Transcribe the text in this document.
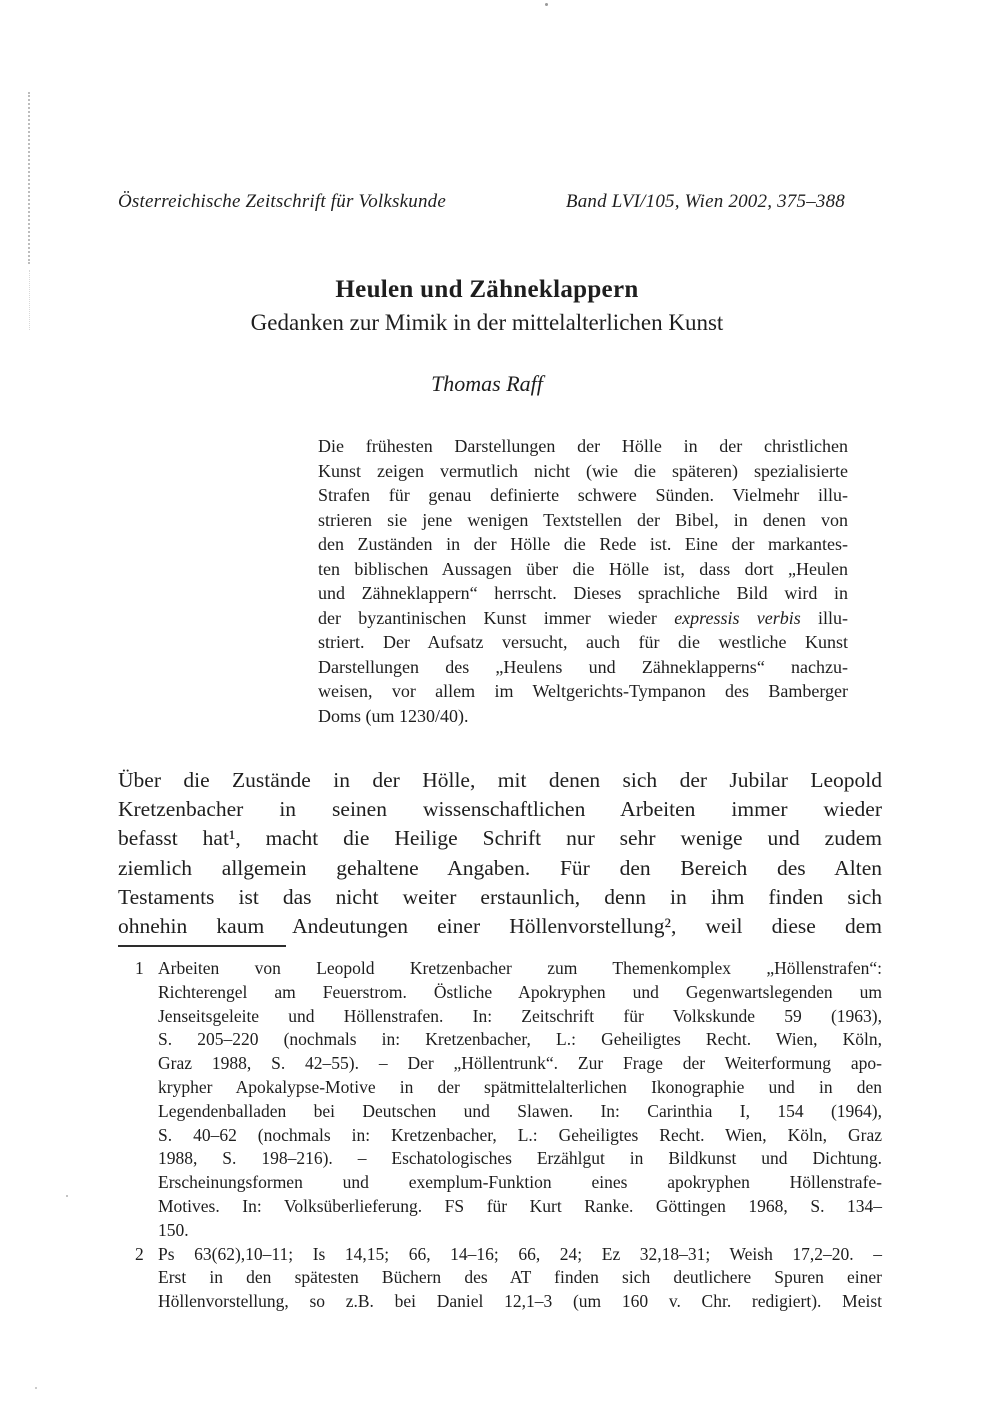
Österreichische Zeitschrift für Volkskunde	Band LVI/105, Wien 2002, 375–388
Heulen und Zähneklappern
Gedanken zur Mimik in der mittelalterlichen Kunst
Thomas Raff
Die frühesten Darstellungen der Hölle in der christlichen
Kunst zeigen vermutlich nicht (wie die späteren) spezialisierte
Strafen für genau definierte schwere Sünden. Vielmehr illu-
strieren sie jene wenigen Textstellen der Bibel, in denen von
den Zuständen in der Hölle die Rede ist. Eine der markantes-
ten biblischen Aussagen über die Hölle ist, dass dort „Heulen
und Zähneklappern“ herrscht. Dieses sprachliche Bild wird in
der byzantinischen Kunst immer wieder expressis verbis illu-
striert. Der Aufsatz versucht, auch für die westliche Kunst
Darstellungen des „Heulens und Zähneklapperns“ nachzu-
weisen, vor allem im Weltgerichts-Tympanon des Bamberger
Doms (um 1230/40).
Über die Zustände in der Hölle, mit denen sich der Jubilar Leopold
Kretzenbacher in seinen wissenschaftlichen Arbeiten immer wieder
befasst hat¹, macht die Heilige Schrift nur sehr wenige und zudem
ziemlich allgemein gehaltene Angaben. Für den Bereich des Alten
Testaments ist das nicht weiter erstaunlich, denn in ihm finden sich
ohnehin kaum Andeutungen einer Höllenvorstellung², weil diese dem
1 Arbeiten von Leopold Kretzenbacher zum Themenkomplex „Höllenstrafen“:
Richterengel am Feuerstrom. Östliche Apokryphen und Gegenwartslegenden um
Jenseitsgeleite und Höllenstrafen. In: Zeitschrift für Volkskunde 59 (1963),
S. 205–220 (nochmals in: Kretzenbacher, L.: Geheiligtes Recht. Wien, Köln,
Graz 1988, S. 42–55). – Der „Höllentrunk“. Zur Frage der Weiterformung apo-
krypher Apokalypse-Motive in der spätmittelalterlichen Ikonographie und in den
Legendenballaden bei Deutschen und Slawen. In: Carinthia I, 154 (1964),
S. 40–62 (nochmals in: Kretzenbacher, L.: Geheiligtes Recht. Wien, Köln, Graz
1988, S. 198–216). – Eschatologisches Erzählgut in Bildkunst und Dichtung.
Erscheinungsformen und exemplum-Funktion eines apokryphen Höllenstrafe-
Motives. In: Volksüberlieferung. FS für Kurt Ranke. Göttingen 1968, S. 134–
150.
2 Ps 63(62),10–11; Is 14,15; 66, 14–16; 66, 24; Ez 32,18–31; Weish 17,2–20. –
Erst in den spätesten Büchern des AT finden sich deutlichere Spuren einer
Höllenvorstellung, so z.B. bei Daniel 12,1–3 (um 160 v. Chr. redigiert). Meist
